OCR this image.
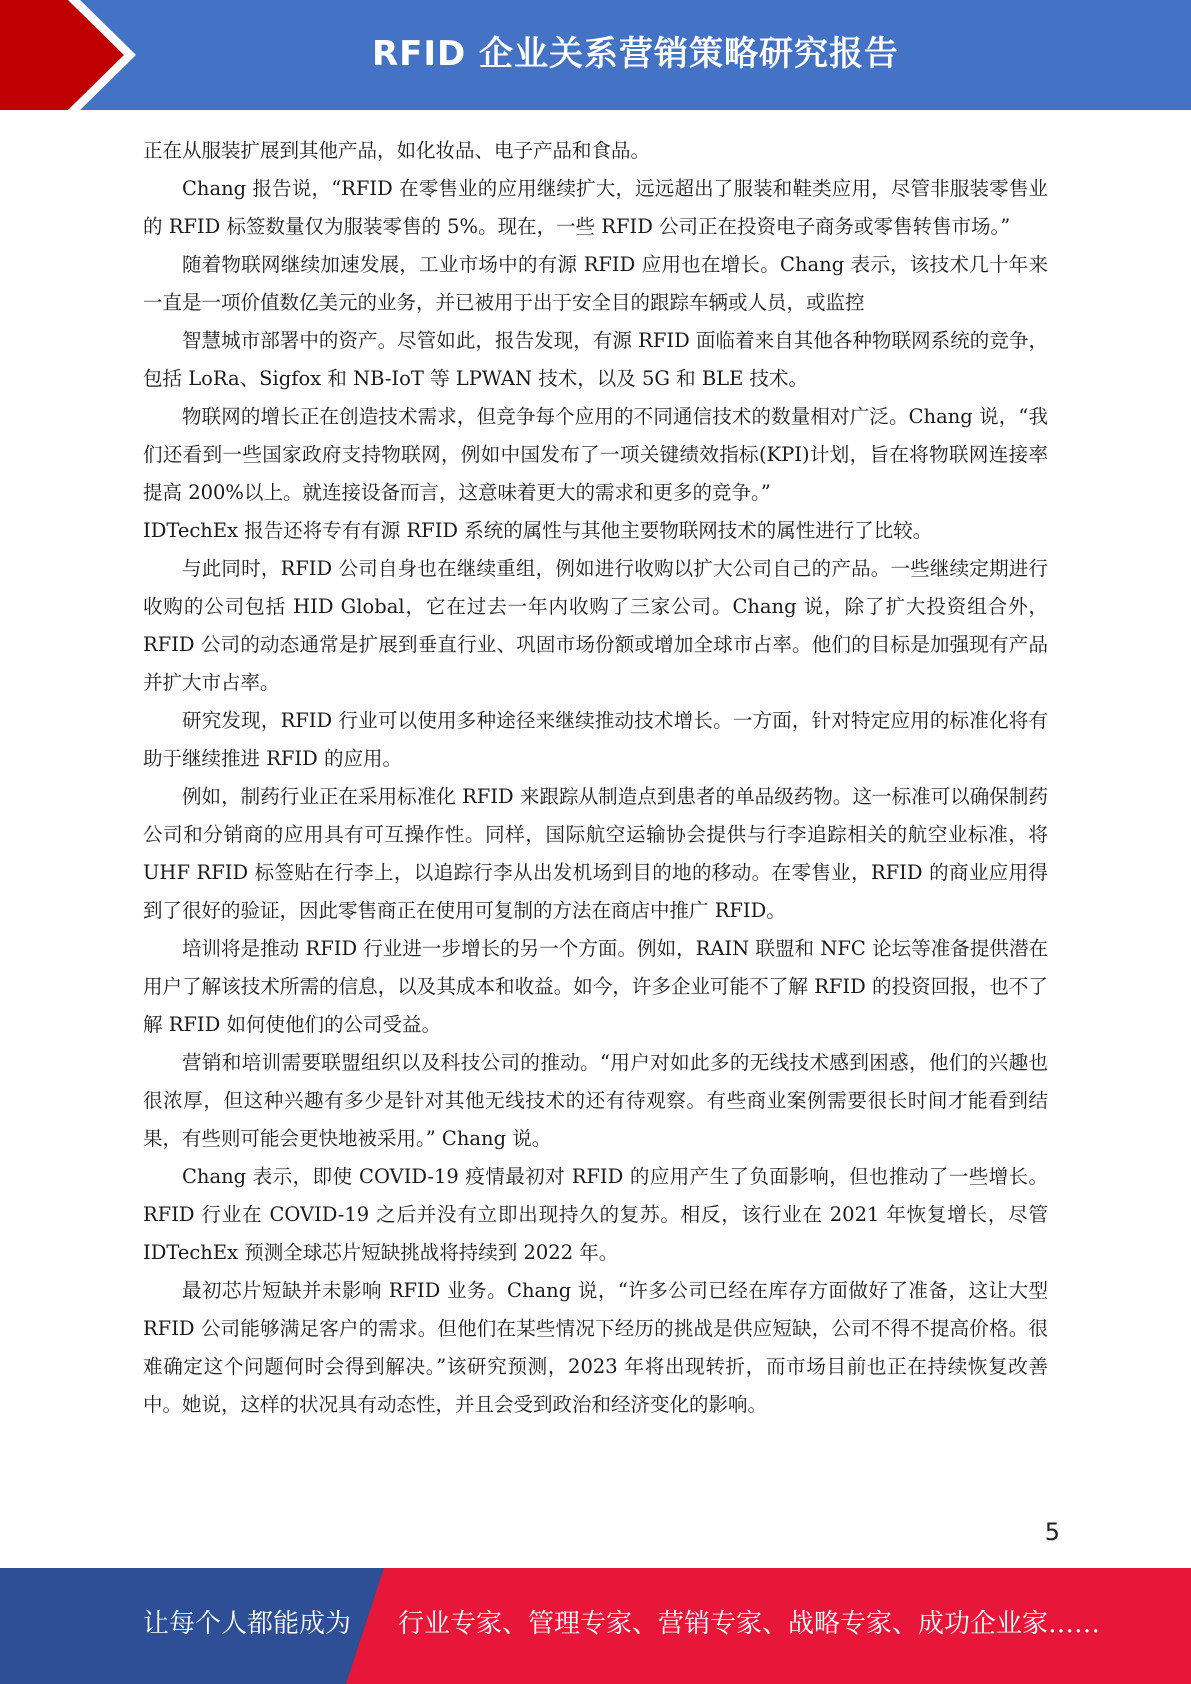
RFID 企业关系营销策略研究报告

正在从服装扩展到其他产品，如化妆品、电子产品和食品。

Chang 报告说，“RFID 在零售业的应用继续扩大，远远超出了服装和鞋类应用，尽管非服装零售业的 RFID 标签数量仅为服装零售的 5%。现在，一些 RFID 公司正在投资电子商务或零售转售市场。”

随着物联网继续加速发展，工业市场中的有源 RFID 应用也在增长。Chang 表示，该技术几十年来一直是一项价值数亿美元的业务，并已被用于出于安全目的跟踪车辆或人员，或监控

智慧城市部署中的资产。尽管如此，报告发现，有源 RFID 面临着来自其他各种物联网系统的竞争，包括 LoRa、Sigfox 和 NB-IoT 等 LPWAN 技术，以及 5G 和 BLE 技术。

物联网的增长正在创造技术需求，但竞争每个应用的不同通信技术的数量相对广泛。Chang 说，“我们还看到一些国家政府支持物联网，例如中国发布了一项关键绩效指标(KPI)计划，旨在将物联网连接率提高 200%以上。就连接设备而言，这意味着更大的需求和更多的竞争。”

IDTechEx 报告还将专有有源 RFID 系统的属性与其他主要物联网技术的属性进行了比较。

与此同时，RFID 公司自身也在继续重组，例如进行收购以扩大公司自己的产品。一些继续定期进行收购的公司包括 HID Global，它在过去一年内收购了三家公司。Chang 说，除了扩大投资组合外，RFID 公司的动态通常是扩展到垂直行业、巩固市场份额或增加全球市占率。他们的目标是加强现有产品并扩大市占率。

研究发现，RFID 行业可以使用多种途径来继续推动技术增长。一方面，针对特定应用的标准化将有助于继续推进 RFID 的应用。

例如，制药行业正在采用标准化 RFID 来跟踪从制造点到患者的单品级药物。这一标准可以确保制药公司和分销商的应用具有可互操作性。同样，国际航空运输协会提供与行李追踪相关的航空业标准，将 UHF RFID 标签贴在行李上，以追踪行李从出发机场到目的地的移动。在零售业，RFID 的商业应用得到了很好的验证，因此零售商正在使用可复制的方法在商店中推广 RFID。

培训将是推动 RFID 行业进一步增长的另一个方面。例如，RAIN 联盟和 NFC 论坛等准备提供潜在用户了解该技术所需的信息，以及其成本和收益。如今，许多企业可能不了解 RFID 的投资回报，也不了解 RFID 如何使他们的公司受益。

营销和培训需要联盟组织以及科技公司的推动。“用户对如此多的无线技术感到困惑，他们的兴趣也很浓厚，但这种兴趣有多少是针对其他无线技术的还有待观察。有些商业案例需要很长时间才能看到结果，有些则可能会更快地被采用。” Chang 说。

Chang 表示，即使 COVID-19 疫情最初对 RFID 的应用产生了负面影响，但也推动了一些增长。RFID 行业在 COVID-19 之后并没有立即出现持久的复苏。相反，该行业在 2021 年恢复增长，尽管 IDTechEx 预测全球芯片短缺挑战将持续到 2022 年。

最初芯片短缺并未影响 RFID 业务。Chang 说，“许多公司已经在库存方面做好了准备，这让大型 RFID 公司能够满足客户的需求。但他们在某些情况下经历的挑战是供应短缺，公司不得不提高价格。很难确定这个问题何时会得到解决。”该研究预测，2023 年将出现转折，而市场目前也正在持续恢复改善中。她说，这样的状况具有动态性，并且会受到政治和经济变化的影响。

5
让每个人都能成为 行业专家、管理专家、营销专家、战略专家、成功企业家……
